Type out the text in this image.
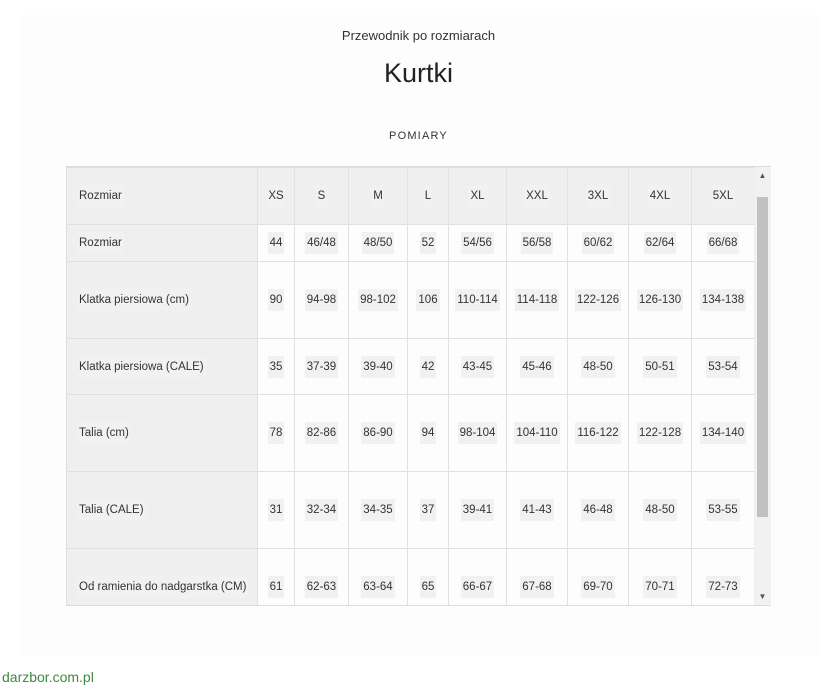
Przewodnik po rozmiarach
Kurtki
POMIARY
Rozmiar	XS	S	M	L	XL	XXL	3XL	4XL	5XL
Rozmiar	44	46/48	48/50	52	54/56	56/58	60/62	62/64	66/68
Klatka piersiowa (cm)	90	94-98	98-102	106	110-114	114-118	122-126	126-130	134-138
Klatka piersiowa (CALE)	35	37-39	39-40	42	43-45	45-46	48-50	50-51	53-54
Talia (cm)	78	82-86	86-90	94	98-104	104-110	116-122	122-128	134-140
Talia (CALE)	31	32-34	34-35	37	39-41	41-43	46-48	48-50	53-55
Od ramienia do nadgarstka (CM)	61	62-63	63-64	65	66-67	67-68	69-70	70-71	72-73
▲
▼
darzbor.com.pl
